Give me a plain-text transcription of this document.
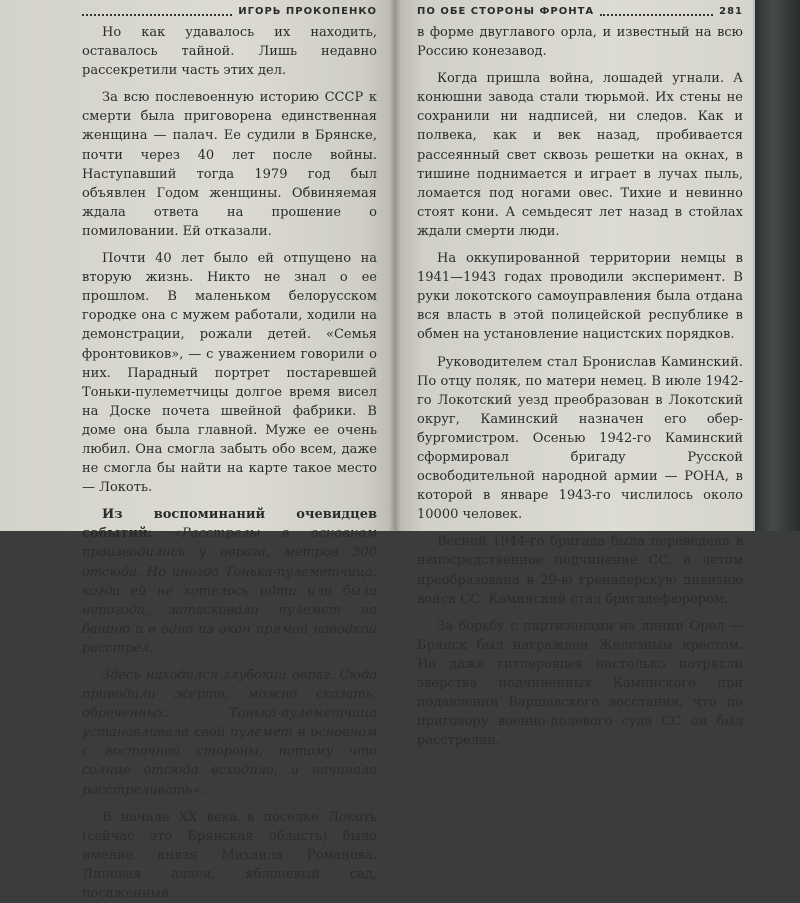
ИГОРЬ ПРОКОПЕНКО

Но как удавалось их находить, оставалось тайной. Лишь недавно рассекретили часть этих дел.

За всю послевоенную историю СССР к смерти была приговорена единственная женщина — палач. Ее судили в Брянске, почти через 40 лет после войны. Наступавший тогда 1979 год был объявлен Годом женщины. Обвиняемая ждала ответа на прошение о помиловании. Ей отказали.

Почти 40 лет было ей отпущено на вторую жизнь. Никто не знал о ее прошлом. В маленьком белорусском городке она с мужем работали, ходили на демонстрации, рожали детей. «Семья фронтовиков», — с уважением говорили о них. Парадный портрет постаревшей Тоньки-пулеметчицы долгое время висел на Доске почета швейной фабрики. В доме она была главной. Муже ее очень любил. Она смогла забыть обо всем, даже не смогла бы найти на карте такое место — Локоть.

Из воспоминаний очевидцев событий: «Расстрелы в основном производились у оврага, метров 300 отсюда. Но иногда Тонька-пулеметчица, когда ей не хотелось идти или была непогода, затаскивали пулемет на башню и в одно из окон прямой наводкой расстрел.

Здесь находился глубокий овраг. Сюда приводили жертв, можно сказать, обреченных. Тонька-пулеметчица устанавливала свой пулемет в основном с восточной стороны, потому что солнце отсюда всходило, и начинала расстреливать».

В начале XX века в поселке Локоть (сейчас это Брянская область) было имение князя Михаила Романова. Липовая аллея, яблоневый сад, посаженный

ПО ОБЕ СТОРОНЫ ФРОНТА	281

в форме двуглавого орла, и известный на всю Россию конезавод.

Когда пришла война, лошадей угнали. А конюшни завода стали тюрьмой. Их стены не сохранили ни надписей, ни следов. Как и полвека, как и век назад, пробивается рассеянный свет сквозь решетки на окнах, в тишине поднимается и играет в лучах пыль, ломается под ногами овес. Тихие и невинно стоят кони. А семьдесят лет назад в стойлах ждали смерти люди.

На оккупированной территории немцы в 1941—1943 годах проводили эксперимент. В руки локотского самоуправления была отдана вся власть в этой полицейской республике в обмен на установление нацистских порядков.

Руководителем стал Бронислав Каминский. По отцу поляк, по матери немец. В июле 1942-го Локотский уезд преобразован в Локотский округ, Каминский назначен его обер-бургомистром. Осенью 1942-го Каминский сформировал бригаду Русской освободительной народной армии — РОНА, в которой в январе 1943-го числилось около 10000 человек.

Весной 1944-го бригада была переведена в непосредственное подчинение СС, а летом преобразована в 29-ю гренадерскую дивизию войск СС. Каминский стал бригадефюрером.

За борьбу с партизанами на линии Орел — Брянск был награжден Железным крестом. Но даже гитлеровцев настолько потрясли зверства подчиненных Каминского при подавлении Варшавского восстания, что по приговору военно-полевого суда СС он был расстрелян.
